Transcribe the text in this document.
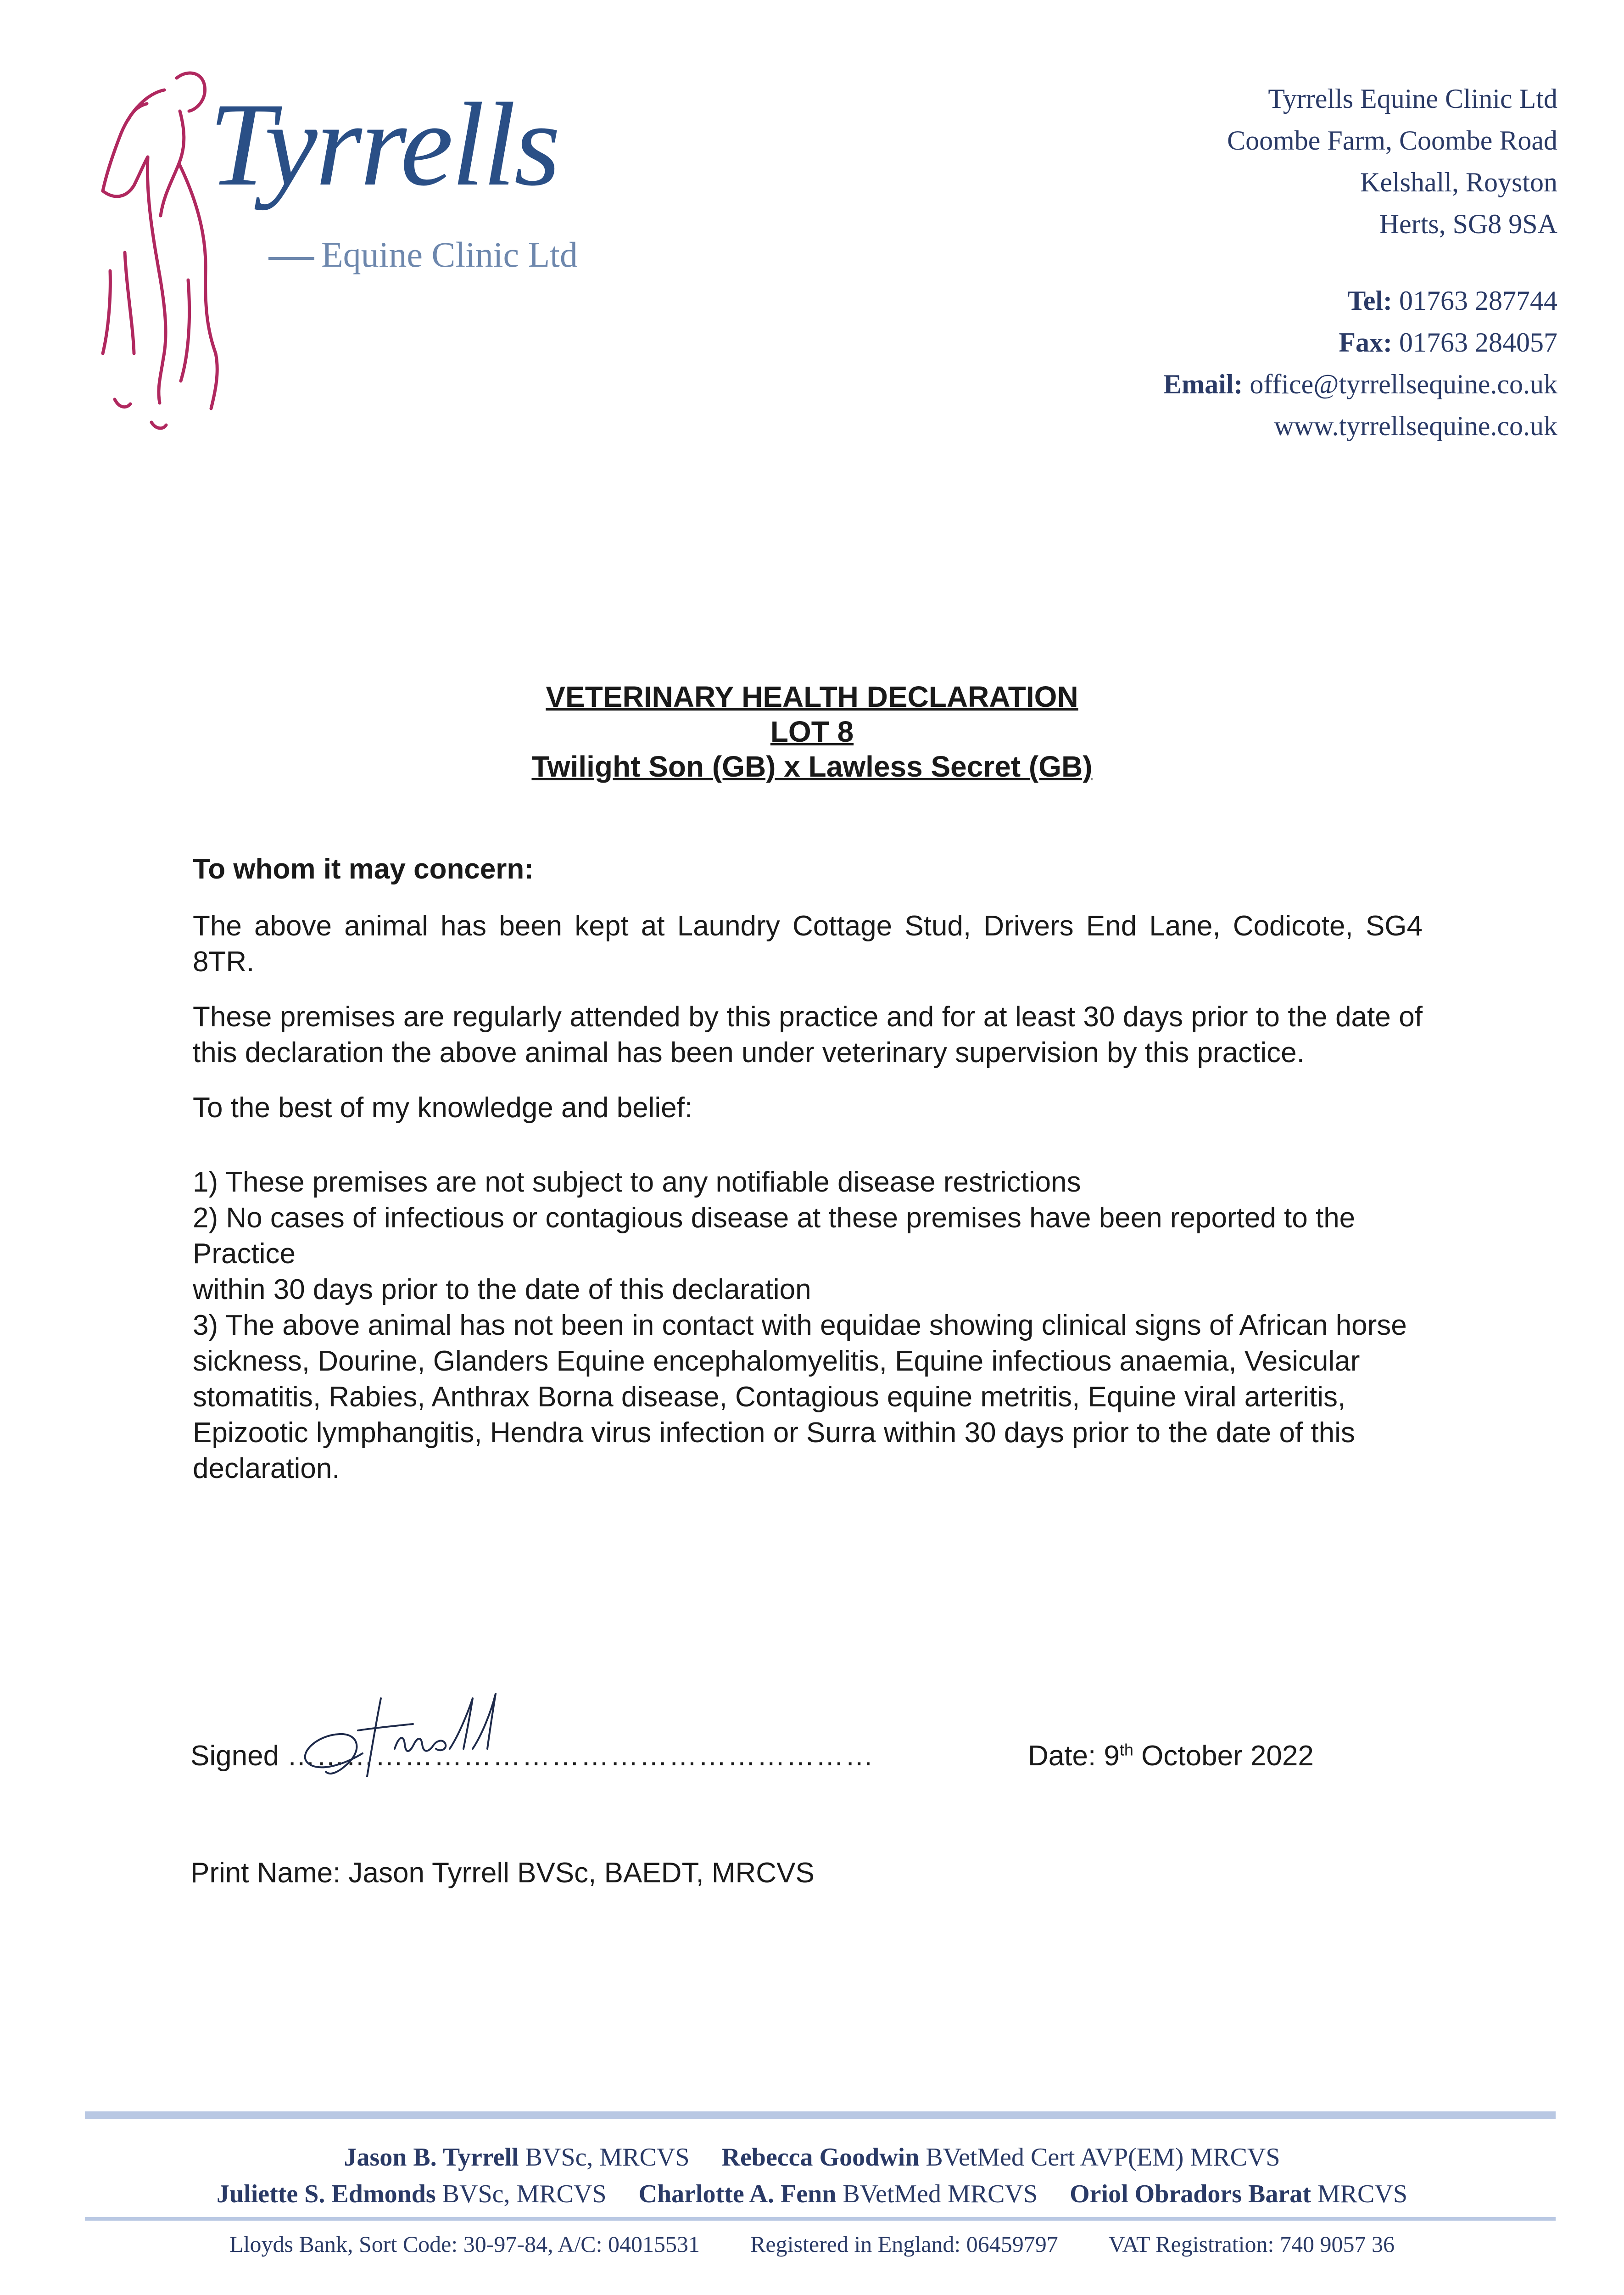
Tyrrells
Equine Clinic Ltd
Tyrrells Equine Clinic Ltd
Coombe Farm, Coombe Road
Kelshall, Royston
Herts, SG8 9SA
Tel: 01763 287744
Fax: 01763 284057
Email: office@tyrrellsequine.co.uk
www.tyrrellsequine.co.uk
VETERINARY HEALTH DECLARATION
LOT 8
Twilight Son (GB) x Lawless Secret (GB)

To whom it may concern:

The above animal has been kept at Laundry Cottage Stud, Drivers End Lane, Codicote, SG4 8TR.

These premises are regularly attended by this practice and for at least 30 days prior to the date of this declaration the above animal has been under veterinary supervision by this practice.

To the best of my knowledge and belief:

1) These premises are not subject to any notifiable disease restrictions

2) No cases of infectious or contagious disease at these premises have been reported to the Practice

within 30 days prior to the date of this declaration

3) The above animal has not been in contact with equidae showing clinical signs of African horse

sickness, Dourine, Glanders Equine encephalomyelitis, Equine infectious anaemia, Vesicular

stomatitis, Rabies, Anthrax Borna disease, Contagious equine metritis, Equine viral arteritis,

Epizootic lymphangitis, Hendra virus infection or Surra within 30 days prior to the date of this

declaration.

Signed ……………………………………………………	Date: 9th October 2022
Print Name: Jason Tyrrell BVSc, BAEDT, MRCVS
Jason B. Tyrrell BVSc, MRCVS Rebecca Goodwin BVetMed Cert AVP(EM) MRCVS
Juliette S. Edmonds BVSc, MRCVS Charlotte A. Fenn BVetMed MRCVS Oriol Obradors Barat MRCVS
Lloyds Bank, Sort Code: 30-97-84, A/C: 04015531 Registered in England: 06459797 VAT Registration: 740 9057 36
